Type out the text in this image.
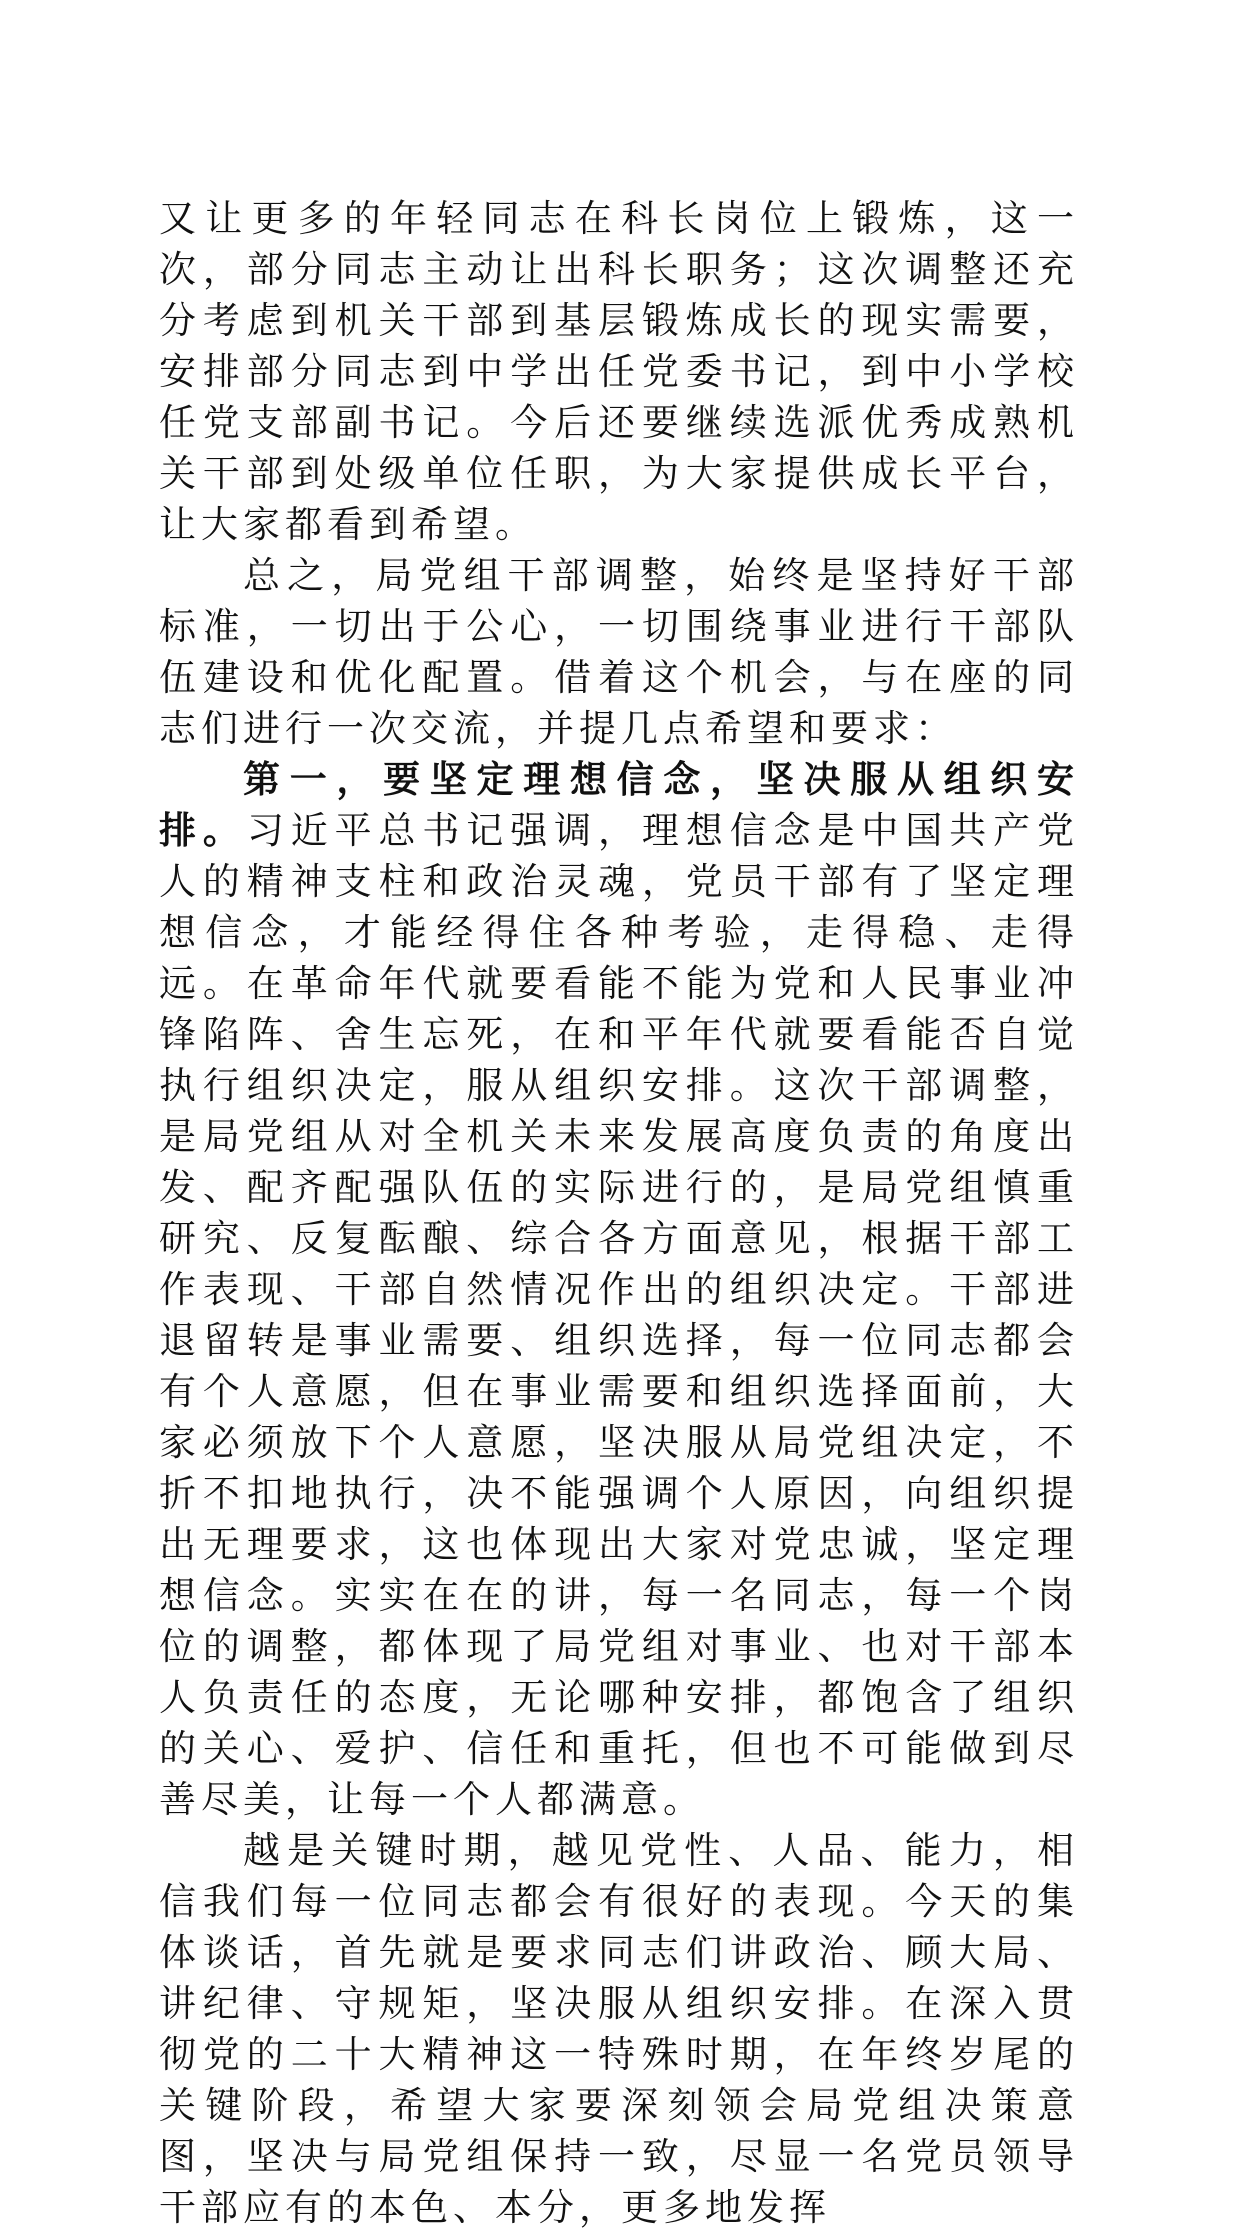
又让更多的年轻同志在科长岗位上锻炼，这一次，部分同志主动让出科长职务；这次调整还充分考虑到机关干部到基层锻炼成长的现实需要，安排部分同志到中学出任党委书记，到中小学校任党支部副书记。今后还要继续选派优秀成熟机关干部到处级单位任职，为大家提供成长平台，让大家都看到希望。

总之，局党组干部调整，始终是坚持好干部标准，一切出于公心，一切围绕事业进行干部队伍建设和优化配置。借着这个机会，与在座的同志们进行一次交流，并提几点希望和要求：

第一，要坚定理想信念，坚决服从组织安排。习近平总书记强调，理想信念是中国共产党人的精神支柱和政治灵魂，党员干部有了坚定理想信念，才能经得住各种考验，走得稳、走得远。在革命年代就要看能不能为党和人民事业冲锋陷阵、舍生忘死，在和平年代就要看能否自觉执行组织决定，服从组织安排。这次干部调整，是局党组从对全机关未来发展高度负责的角度出发、配齐配强队伍的实际进行的，是局党组慎重研究、反复酝酿、综合各方面意见，根据干部工作表现、干部自然情况作出的组织决定。干部进退留转是事业需要、组织选择，每一位同志都会有个人意愿，但在事业需要和组织选择面前，大家必须放下个人意愿，坚决服从局党组决定，不折不扣地执行，决不能强调个人原因，向组织提出无理要求，这也体现出大家对党忠诚，坚定理想信念。实实在在的讲，每一名同志，每一个岗位的调整，都体现了局党组对事业、也对干部本人负责任的态度，无论哪种安排，都饱含了组织的关心、爱护、信任和重托，但也不可能做到尽善尽美，让每一个人都满意。

越是关键时期，越见党性、人品、能力，相信我们每一位同志都会有很好的表现。今天的集体谈话，首先就是要求同志们讲政治、顾大局、讲纪律、守规矩，坚决服从组织安排。在深入贯彻党的二十大精神这一特殊时期，在年终岁尾的关键阶段，希望大家要深刻领会局党组决策意图，坚决与局党组保持一致，尽显一名党员领导干部应有的本色、本分，更多地发挥
